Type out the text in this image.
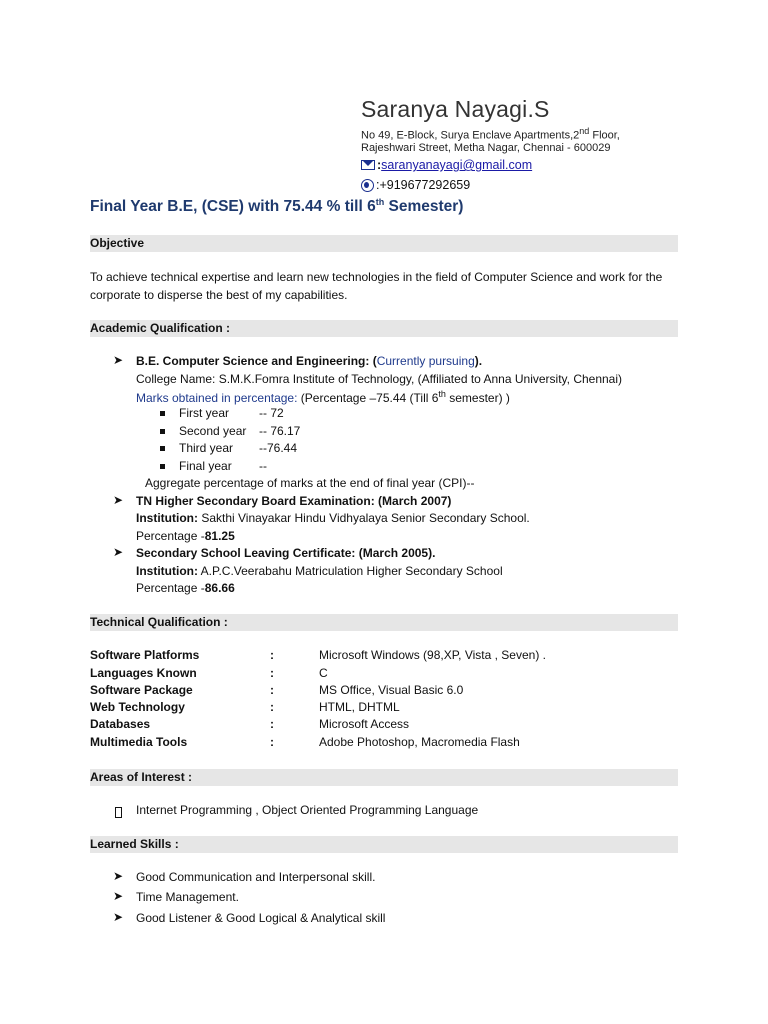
Saranya Nayagi.S
No 49, E-Block, Surya Enclave Apartments,2nd Floor,
Rajeshwari Street, Metha Nagar, Chennai - 600029
: saranyanayagi@gmail.com
:+919677292659
Final Year B.E, (CSE) with 75.44 % till 6th Semester)
Objective
To achieve technical expertise and learn new technologies in the field of Computer Science and work for the corporate to disperse the best of my capabilities.
Academic Qualification :
➤ B.E. Computer Science and Engineering: (Currently pursuing).
College Name: S.M.K.Fomra Institute of Technology, (Affiliated to Anna University, Chennai)
Marks obtained in percentage: (Percentage –75.44 (Till 6th semester) )
First year -- 72
Second year -- 76.17
Third year --76.44
Final year --
Aggregate percentage of marks at the end of final year (CPI)--
➤ TN Higher Secondary Board Examination: (March 2007)
Institution: Sakthi Vinayakar Hindu Vidhyalaya Senior Secondary School.
Percentage -81.25
➤ Secondary School Leaving Certificate: (March 2005).
Institution: A.P.C.Veerabahu Matriculation Higher Secondary School
Percentage -86.66
Technical Qualification :
Software Platforms	:	Microsoft Windows (98,XP, Vista , Seven) .
Languages Known	:	C
Software Package	:	MS Office, Visual Basic 6.0
Web Technology	:	HTML, DHTML
Databases	:	Microsoft Access
Multimedia Tools	:	Adobe Photoshop, Macromedia Flash
Areas of Interest :
Internet Programming , Object Oriented Programming Language
Learned Skills :
➤ Good Communication and Interpersonal skill.
➤ Time Management.
➤ Good Listener & Good Logical & Analytical skill
